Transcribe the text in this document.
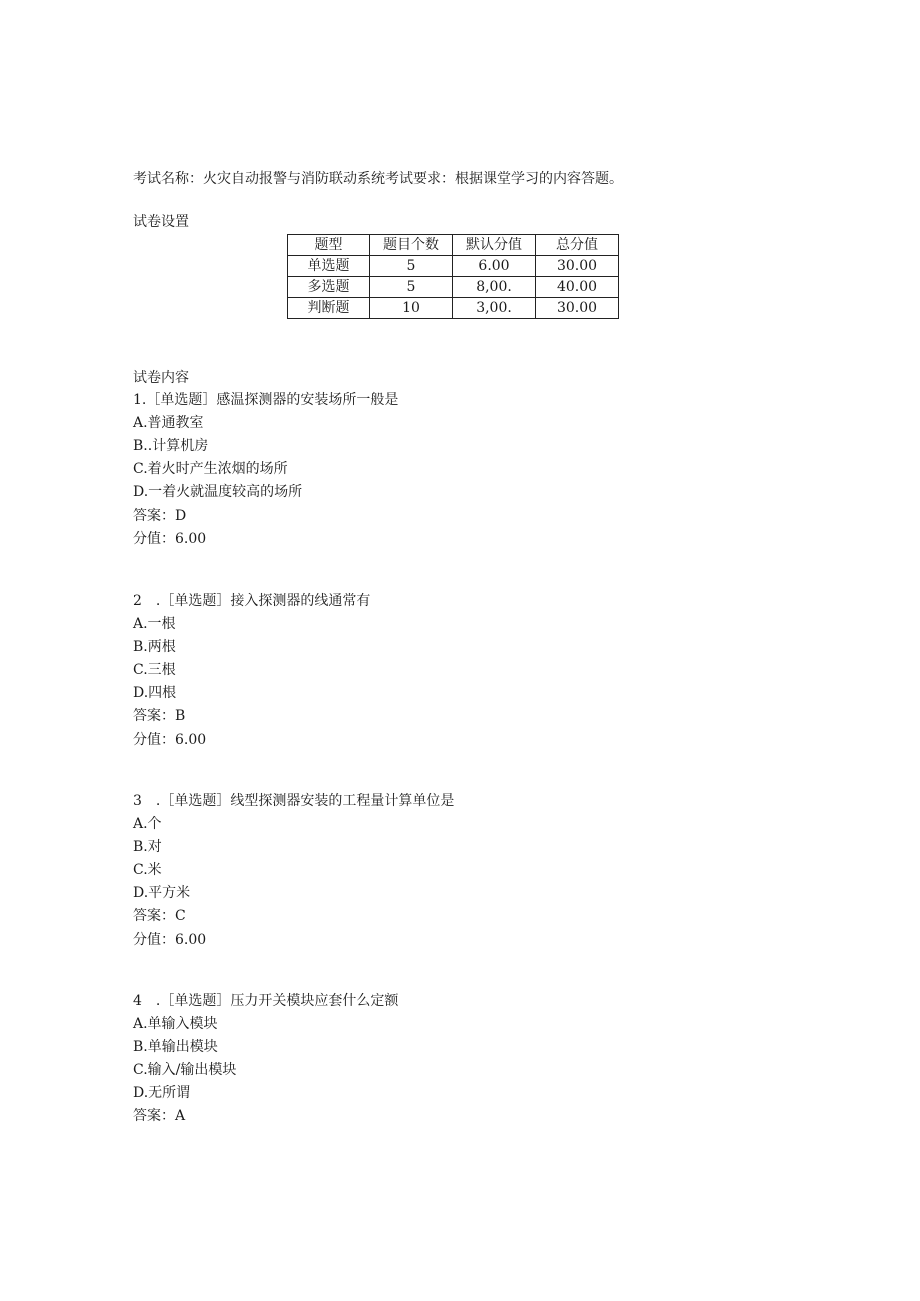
考试名称：火灾自动报警与消防联动系统考试要求：根据课堂学习的内容答题。
试卷设置
题型	题目个数	默认分值	总分值
单选题	5	6.00	30.00
多选题	5	8,00.	40.00
判断题	10	3,00.	30.00
试卷内容
1.［单选题］感温探测器的安装场所一般是
A.普通教室
B..计算机房
C.着火时产生浓烟的场所
D.一着火就温度较高的场所
答案：D
分值：6.00
2　.［单选题］接入探测器的线通常有
A.一根
B.两根
C.三根
D.四根
答案：B
分值：6.00
3　.［单选题］线型探测器安装的工程量计算单位是
A.个
B.对
C.米
D.平方米
答案：C
分值：6.00
4　.［单选题］压力开关模块应套什么定额
A.单输入模块
B.单输出模块
C.输入/输出模块
D.无所谓
答案：A
